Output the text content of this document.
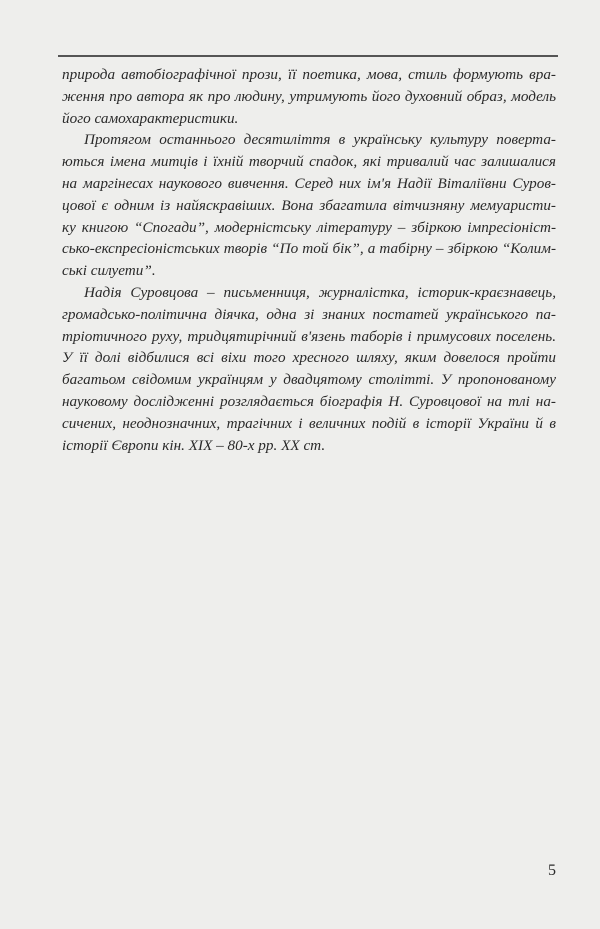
природа автобіографічної прози, її поетика, мова, стиль формують вра-
ження про автора як про людину, утримують його духовний образ, модель
його самохарактеристики.
Протягом останнього десятиліття в українську культуру поверта-
ються імена митців і їхній творчий спадок, які тривалий час залишалися
на маргінесах наукового вивчення. Серед них ім'я Надії Віталіївни Суров-
цової є одним із найяскравіших. Вона збагатила вітчизняну мемуаристи-
ку книгою “Спогади”, модерністську літературу – збіркою імпресіоніст-
сько-експресіоністських творів “По той бік”, а табірну – збіркою “Колим-
ські силуети”.
Надія Суровцова – письменниця, журналістка, історик-краєзнавець,
громадсько-політична діячка, одна зі знаних постатей українського па-
тріотичного руху, тридцятирічний в'язень таборів і примусових поселень.
У її долі відбилися всі віхи того хресного шляху, яким довелося пройти
багатьом свідомим українцям у двадцятому столітті. У пропонованому
науковому дослідженні розглядається біографія Н. Суровцової на тлі на-
сичених, неоднозначних, трагічних і величних подій в історії України й в
історії Європи кін. XIX – 80-х рр. XX ст.
5
